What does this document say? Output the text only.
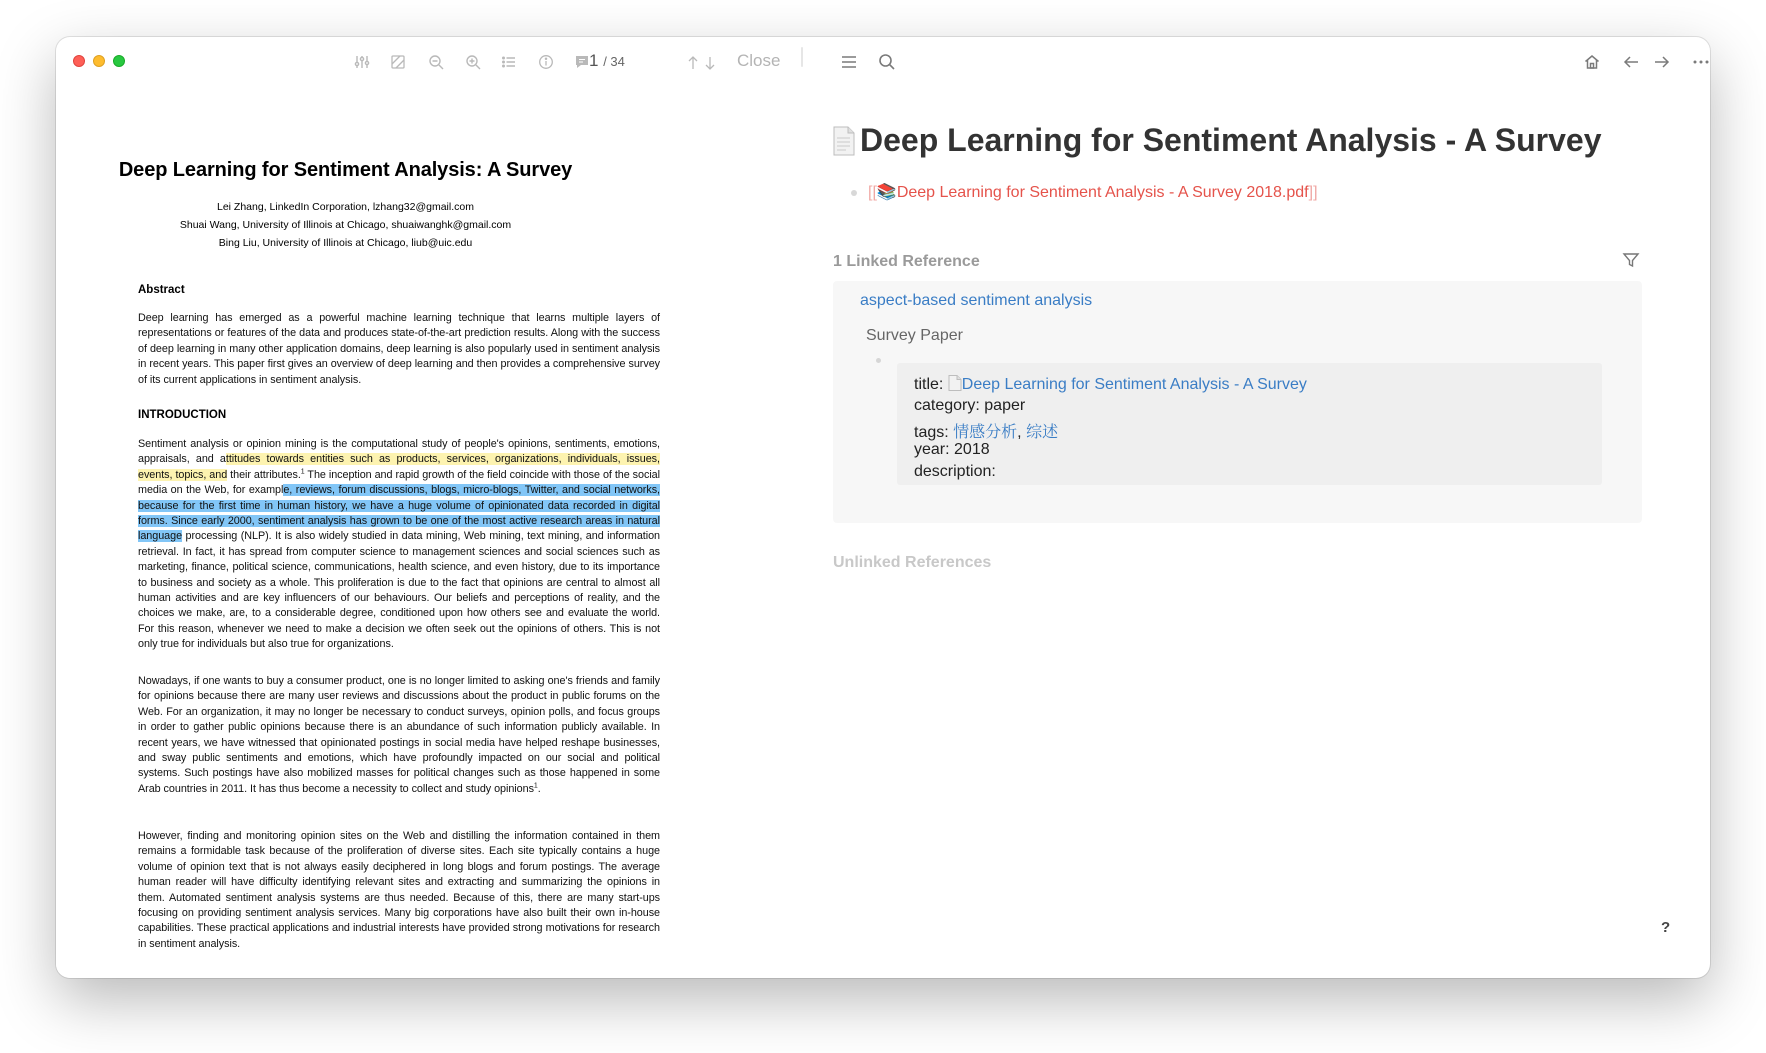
1 / 34	Close
Deep Learning for Sentiment Analysis: A Survey
Lei Zhang, LinkedIn Corporation, lzhang32@gmail.com
Shuai Wang, University of Illinois at Chicago, shuaiwanghk@gmail.com
Bing Liu, University of Illinois at Chicago, liub@uic.edu
Abstract
Deep learning has emerged as a powerful machine learning technique that learns multiple layers of representations or features of the data and produces state-of-the-art prediction results. Along with the success of deep learning in many other application domains, deep learning is also popularly used in sentiment analysis in recent years. This paper first gives an overview of deep learning and then provides a comprehensive survey of its current applications in sentiment analysis.
INTRODUCTION
Sentiment analysis or opinion mining is the computational study of people's opinions, sentiments, emotions, appraisals, and attitudes towards entities such as products, services, organizations, individuals, issues, events, topics, and their attributes.$^1$ The inception and rapid growth of the field coincide with those of the social media on the Web, for example, reviews, forum discussions, blogs, micro-blogs, Twitter, and social networks, because for the first time in human history, we have a huge volume of opinionated data recorded in digital forms. Since early 2000, sentiment analysis has grown to be one of the most active research areas in natural language processing (NLP). It is also widely studied in data mining, Web mining, text mining, and information retrieval. In fact, it has spread from computer science to management sciences and social sciences such as marketing, finance, political science, communications, health science, and even history, due to its importance to business and society as a whole. This proliferation is due to the fact that opinions are central to almost all human activities and are key influencers of our behaviours. Our beliefs and perceptions of reality, and the choices we make, are, to a considerable degree, conditioned upon how others see and evaluate the world. For this reason, whenever we need to make a decision we often seek out the opinions of others. This is not only true for individuals but also true for organizations.
Nowadays, if one wants to buy a consumer product, one is no longer limited to asking one's friends and family for opinions because there are many user reviews and discussions about the product in public forums on the Web. For an organization, it may no longer be necessary to conduct surveys, opinion polls, and focus groups in order to gather public opinions because there is an abundance of such information publicly available. In recent years, we have witnessed that opinionated postings in social media have helped reshape businesses, and sway public sentiments and emotions, which have profoundly impacted on our social and political systems. Such postings have also mobilized masses for political changes such as those happened in some Arab countries in 2011. It has thus become a necessity to collect and study opinions$^1$.
However, finding and monitoring opinion sites on the Web and distilling the information contained in them remains a formidable task because of the proliferation of diverse sites. Each site typically contains a huge volume of opinion text that is not always easily deciphered in long blogs and forum postings. The average human reader will have difficulty identifying relevant sites and extracting and summarizing the opinions in them. Automated sentiment analysis systems are thus needed. Because of this, there are many start-ups focusing on providing sentiment analysis services. Many big corporations have also built their own in-house capabilities. These practical applications and industrial interests have provided strong motivations for research in sentiment analysis.
Deep Learning for Sentiment Analysis - A Survey
[[📚Deep Learning for Sentiment Analysis - A Survey 2018.pdf]]
1 Linked Reference
aspect-based sentiment analysis
Survey Paper
title: Deep Learning for Sentiment Analysis - A Survey
category: paper
tags: 情感分析, 综述
year: 2018
description:
Unlinked References
?
